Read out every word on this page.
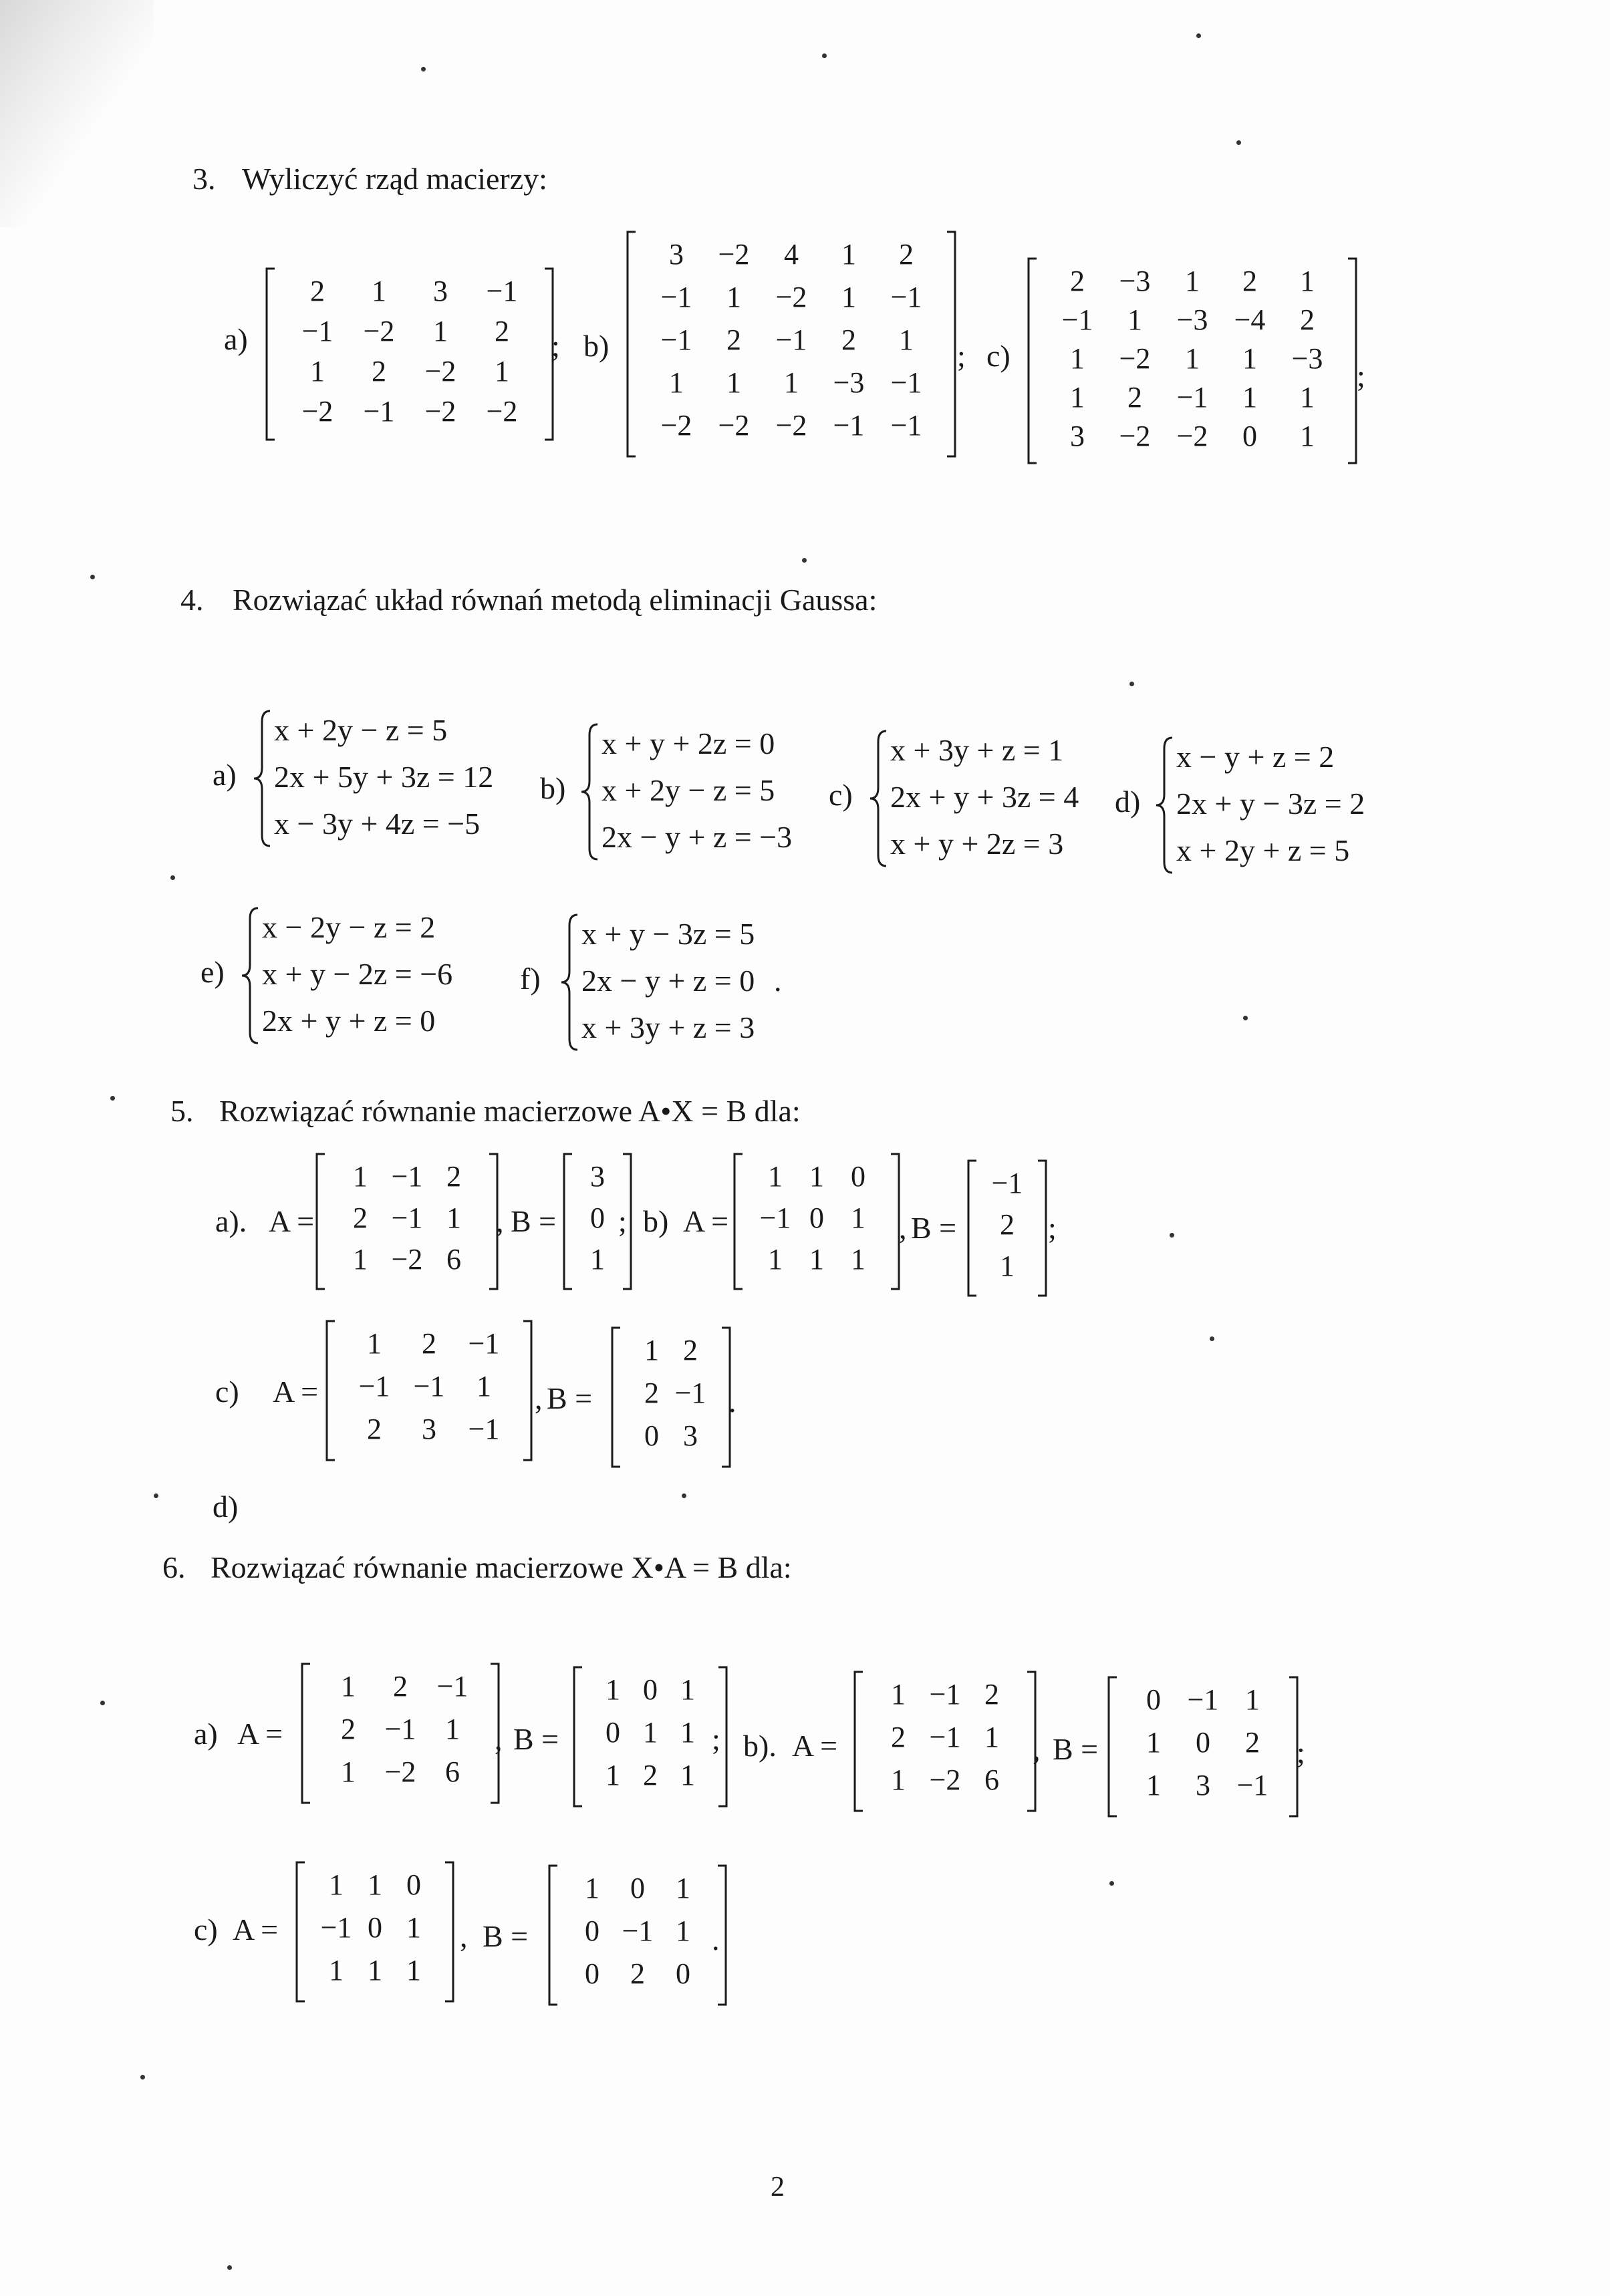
3. Wyliczyć rząd macierzy:
a)
2 1 3 −1
−1 −2 1 2
1 2 −2 1
−2 −1 −2 −2
; b)
3 −2 4 1 2
−1 1 −2 1 −1
−1 2 −1 2 1
1 1 1 −3 −1
−2 −2 −2 −1 −1
; c)
2 −3 1 2 1
−1 1 −3 −4 2
1 −2 1 1 −3
1 2 −1 1 1
3 −2 −2 0 1
;
4. Rozwiązać układ równań metodą eliminacji Gaussa:
a)
x + 2y − z = 5
2x + 5y + 3z = 12
x − 3y + 4z = −5
b)
x + y + 2z = 0
x + 2y − z = 5
2x − y + z = −3
c)
x + 3y + z = 1
2x + y + 3z = 4
x + y + 2z = 3
d)
x − y + z = 2
2x + y − 3z = 2
x + 2y + z = 5
e)
x − 2y − z = 2
x + y − 2z = −6
2x + y + z = 0
f)
x + y − 3z = 5
2x − y + z = 0
x + 3y + z = 3
.
5. Rozwiązać równanie macierzowe A•X = B dla:
a). A =
1 −1 2
2 −1 1
1 −2 6
, B =
3
0
1
; b) A =
1 1 0
−1 0 1
1 1 1
, B =
−1
2
1
;
c) A =
1 2 −1
−1 −1 1
2 3 −1
, B =
1 2
2 −1
0 3
.
d)
6. Rozwiązać równanie macierzowe X•A = B dla:
a) A =
1 2 −1
2 −1 1
1 −2 6
, B =
1 0 1
0 1 1
1 2 1
; b). A =
1 −1 2
2 −1 1
1 −2 6
, B =
0 −1 1
1 0 2
1 3 −1
;
c) A =
1 1 0
−1 0 1
1 1 1
, B =
1 0 1
0 −1 1
0 2 0
.
2
